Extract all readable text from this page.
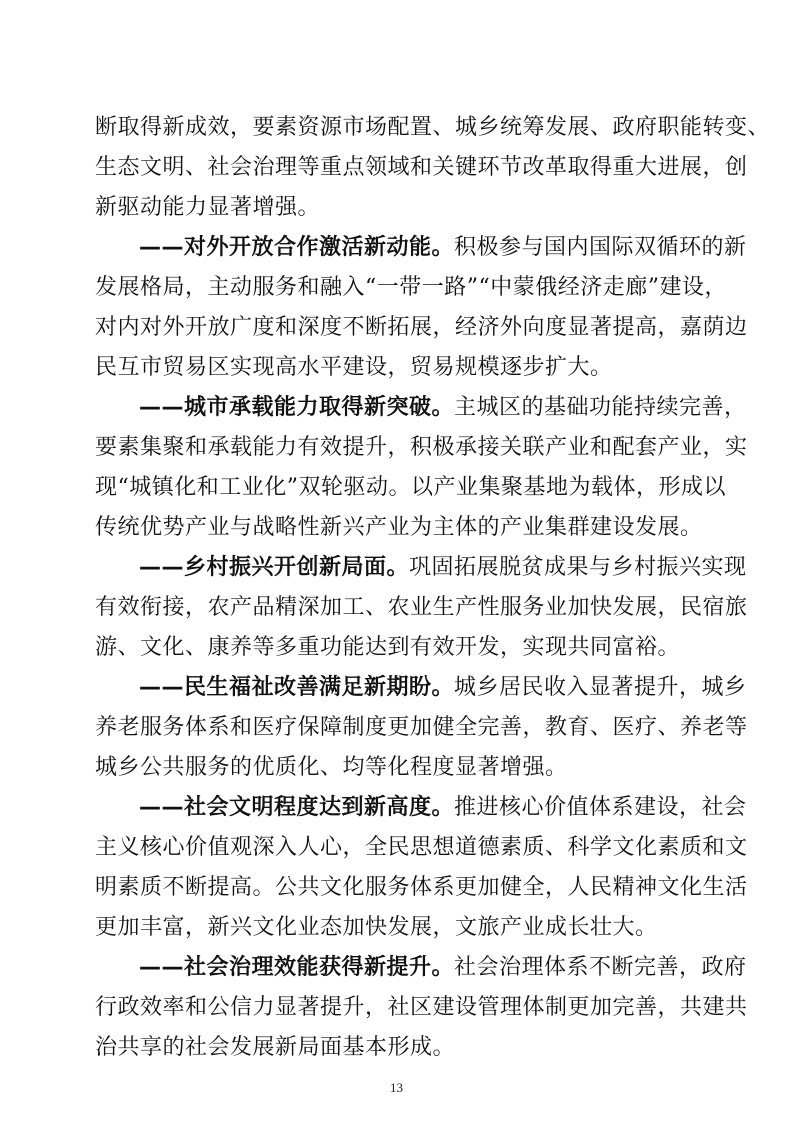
断取得新成效，要素资源市场配置、城乡统筹发展、政府职能转变、
生态文明、社会治理等重点领域和关键环节改革取得重大进展，创
新驱动能力显著增强。
——对外开放合作激活新动能。积极参与国内国际双循环的新
发展格局，主动服务和融入“一带一路”“中蒙俄经济走廊”建设，
对内对外开放广度和深度不断拓展，经济外向度显著提高，嘉荫边
民互市贸易区实现高水平建设，贸易规模逐步扩大。
——城市承载能力取得新突破。主城区的基础功能持续完善，
要素集聚和承载能力有效提升，积极承接关联产业和配套产业，实
现“城镇化和工业化”双轮驱动。以产业集聚基地为载体，形成以
传统优势产业与战略性新兴产业为主体的产业集群建设发展。
——乡村振兴开创新局面。巩固拓展脱贫成果与乡村振兴实现
有效衔接，农产品精深加工、农业生产性服务业加快发展，民宿旅
游、文化、康养等多重功能达到有效开发，实现共同富裕。
——民生福祉改善满足新期盼。城乡居民收入显著提升，城乡
养老服务体系和医疗保障制度更加健全完善，教育、医疗、养老等
城乡公共服务的优质化、均等化程度显著增强。
——社会文明程度达到新高度。推进核心价值体系建设，社会
主义核心价值观深入人心，全民思想道德素质、科学文化素质和文
明素质不断提高。公共文化服务体系更加健全，人民精神文化生活
更加丰富，新兴文化业态加快发展，文旅产业成长壮大。
——社会治理效能获得新提升。社会治理体系不断完善，政府
行政效率和公信力显著提升，社区建设管理体制更加完善，共建共
治共享的社会发展新局面基本形成。
13
